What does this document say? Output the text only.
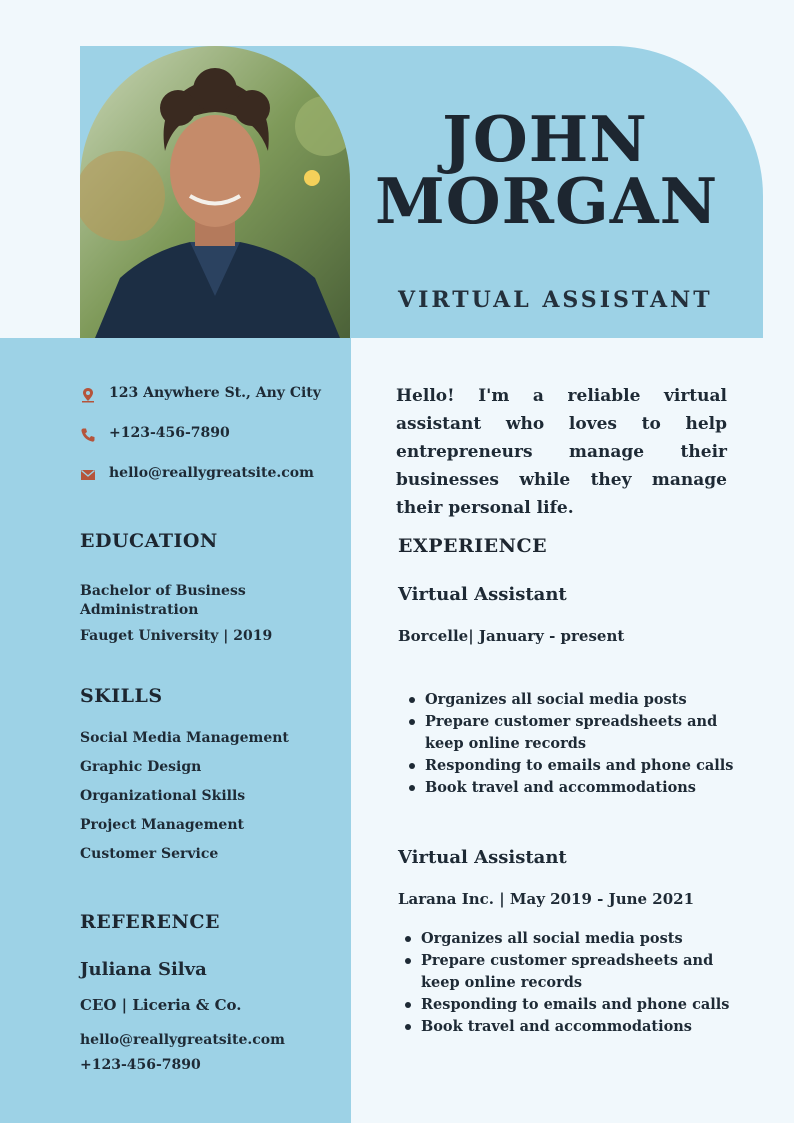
JOHN
MORGAN
VIRTUAL ASSISTANT
123 Anywhere St., Any City
+123-456-7890
hello@reallygreatsite.com
EDUCATION
Bachelor of Business
Administration
Fauget University | 2019
SKILLS
Social Media Management
Graphic Design
Organizational Skills
Project Management
Customer Service
REFERENCE
Juliana Silva
CEO | Liceria & Co.
hello@reallygreatsite.com
+123-456-7890

Hello! I'm a reliable virtual assistant who loves to help entrepreneurs manage their businesses while they manage their personal life.

EXPERIENCE
Virtual Assistant
Borcelle| January - present
Organizes all social media posts
Prepare customer spreadsheets and keep online records
Responding to emails and phone calls
Book travel and accommodations
Virtual Assistant
Larana Inc. | May 2019 - June 2021
Organizes all social media posts
Prepare customer spreadsheets and keep online records
Responding to emails and phone calls
Book travel and accommodations
